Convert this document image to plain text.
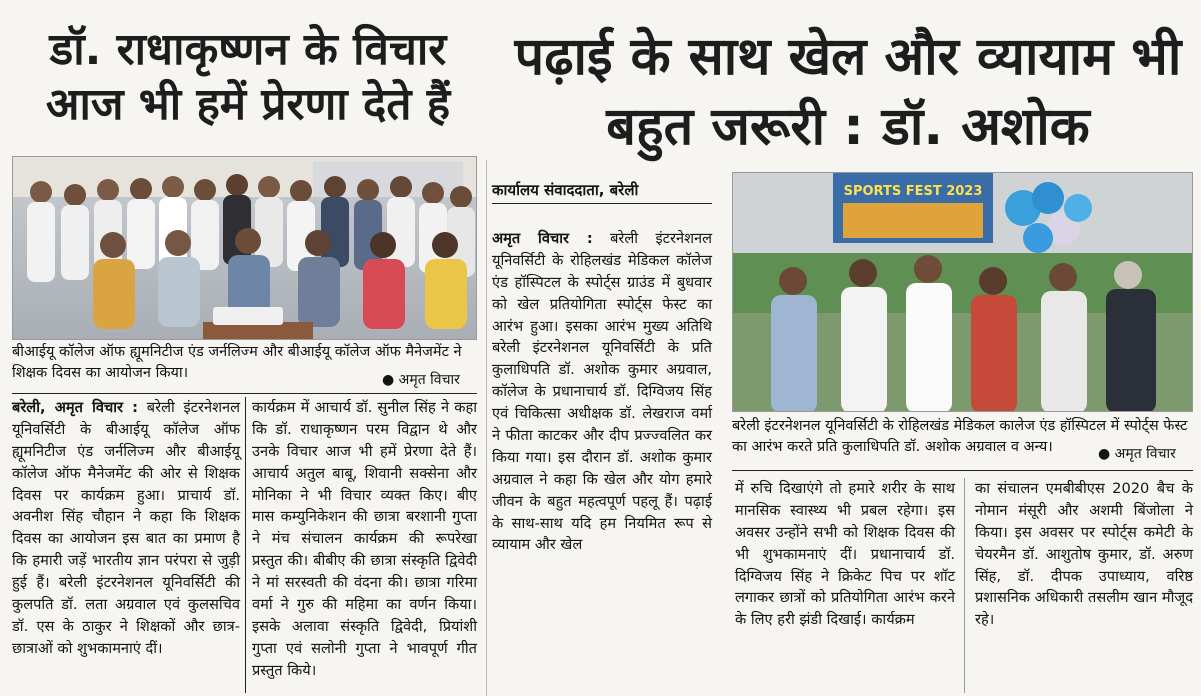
डॉ. राधाकृष्णन के विचार आज भी हमें प्रेरणा देते हैं
बीआईयू कॉलेज ऑफ ह्यूमनिटीज एंड जर्नलिज्म और बीआईयू कॉलेज ऑफ मैनेजमेंट ने शिक्षक दिवस का आयोजन किया।	● अमृत विचार
बरेली, अमृत विचार : बरेली इंटरनेशनल यूनिवर्सिटी के बीआईयू कॉलेज ऑफ ह्यूमनिटीज एंड जर्नलिज्म और बीआईयू कॉलेज ऑफ मैनेजमेंट की ओर से शिक्षक दिवस पर कार्यक्रम हुआ। प्राचार्य डॉ. अवनीश सिंह चौहान ने कहा कि शिक्षक दिवस का आयोजन इस बात का प्रमाण है कि हमारी जड़ें भारतीय ज्ञान परंपरा से जुड़ी हुई हैं। बरेली इंटरनेशनल यूनिवर्सिटी की कुलपति डॉ. लता अग्रवाल एवं कुलसचिव डॉ. एस के ठाकुर ने शिक्षकों और छात्र-छात्राओं को शुभकामनाएं दीं।
कार्यक्रम में आचार्य डॉ. सुनील सिंह ने कहा कि डॉ. राधाकृष्णन परम विद्वान थे और उनके विचार आज भी हमें प्रेरणा देते हैं। आचार्य अतुल बाबू, शिवानी सक्सेना और मोनिका ने भी विचार व्यक्त किए। बीए मास कम्युनिकेशन की छात्रा बरशानी गुप्ता ने मंच संचालन कार्यक्रम की रूपरेखा प्रस्तुत की। बीबीए की छात्रा संस्कृति द्विवेदी ने मां सरस्वती की वंदना की। छात्रा गरिमा वर्मा ने गुरु की महिमा का वर्णन किया। इसके अलावा संस्कृति द्विवेदी, प्रियांशी गुप्ता एवं सलोनी गुप्ता ने भावपूर्ण गीत प्रस्तुत किये।
पढ़ाई के साथ खेल और व्यायाम भी बहुत जरूरी : डॉ. अशोक
कार्यालय संवाददाता, बरेली
अमृत विचार : बरेली इंटरनेशनल यूनिवर्सिटी के रोहिलखंड मेडिकल कॉलेज एंड हॉस्पिटल के स्पोर्ट्स ग्राउंड में बुधवार को खेल प्रतियोगिता स्पोर्ट्स फेस्ट का आरंभ हुआ। इसका आरंभ मुख्य अतिथि बरेली इंटरनेशनल यूनिवर्सिटी के प्रति कुलाधिपति डॉ. अशोक कुमार अग्रवाल, कॉलेज के प्रधानाचार्य डॉ. दिग्विजय सिंह एवं चिकित्सा अधीक्षक डॉ. लेखराज वर्मा ने फीता काटकर और दीप प्रज्ज्वलित कर किया गया। इस दौरान डॉ. अशोक कुमार अग्रवाल ने कहा कि खेल और योग हमारे जीवन के बहुत महत्वपूर्ण पहलू हैं। पढ़ाई के साथ-साथ यदि हम नियमित रूप से व्यायाम और खेल
SPORTS FEST 2023
बरेली इंटरनेशनल यूनिवर्सिटी के रोहिलखंड मेडिकल कालेज एंड हॉस्पिटल में स्पोर्ट्स फेस्ट का आरंभ करते प्रति कुलाधिपति डॉ. अशोक अग्रवाल व अन्य।	● अमृत विचार
में रुचि दिखाएंगे तो हमारे शरीर के साथ मानसिक स्वास्थ्य भी प्रबल रहेगा। इस अवसर उन्होंने सभी को शिक्षक दिवस की भी शुभकामनाएं दीं। प्रधानाचार्य डॉ. दिग्विजय सिंह ने क्रिकेट पिच पर शॉट लगाकर छात्रों को प्रतियोगिता आरंभ करने के लिए हरी झंडी दिखाई। कार्यक्रम
का संचालन एमबीबीएस 2020 बैच के नोमान मंसूरी और अशमी बिंजोला ने किया। इस अवसर पर स्पोर्ट्स कमेटी के चेयरमैन डॉ. आशुतोष कुमार, डॉ. अरुण सिंह, डॉ. दीपक उपाध्याय, वरिष्ठ प्रशासनिक अधिकारी तसलीम खान मौजूद रहे।
